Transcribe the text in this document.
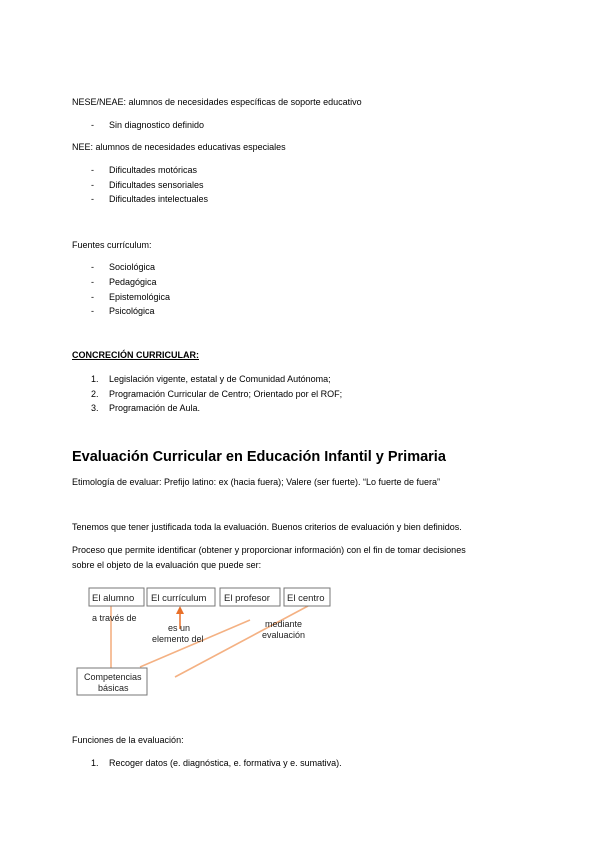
NESE/NEAE: alumnos de necesidades específicas de soporte educativo
- Sin diagnostico definido
NEE: alumnos de necesidades educativas especiales
- Dificultades motóricas
- Dificultades sensoriales
- Dificultades intelectuales
Fuentes currículum:
- Sociológica
- Pedagógica
- Epistemológica
- Psicológica
CONCRECIÓN CURRICULAR:
1. Legislación vigente, estatal y de Comunidad Autónoma;
2. Programación Curricular de Centro; Orientado por el ROF;
3. Programación de Aula.
Evaluación Curricular en Educación Infantil y Primaria
Etimología de evaluar: Prefijo latino: ex (hacia fuera); Valere (ser fuerte). “Lo fuerte de fuera”
Tenemos que tener justificada toda la evaluación. Buenos criterios de evaluación y bien definidos.
Proceso que permite identificar (obtener y proporcionar información) con el fin de tomar decisiones
sobre el objeto de la evaluación que puede ser:
El alumno El currículum El profesor El centro
a través de
es un
elemento del
mediante
evaluación
Competencias
básicas
Funciones de la evaluación:
1. Recoger datos (e. diagnóstica, e. formativa y e. sumativa).
